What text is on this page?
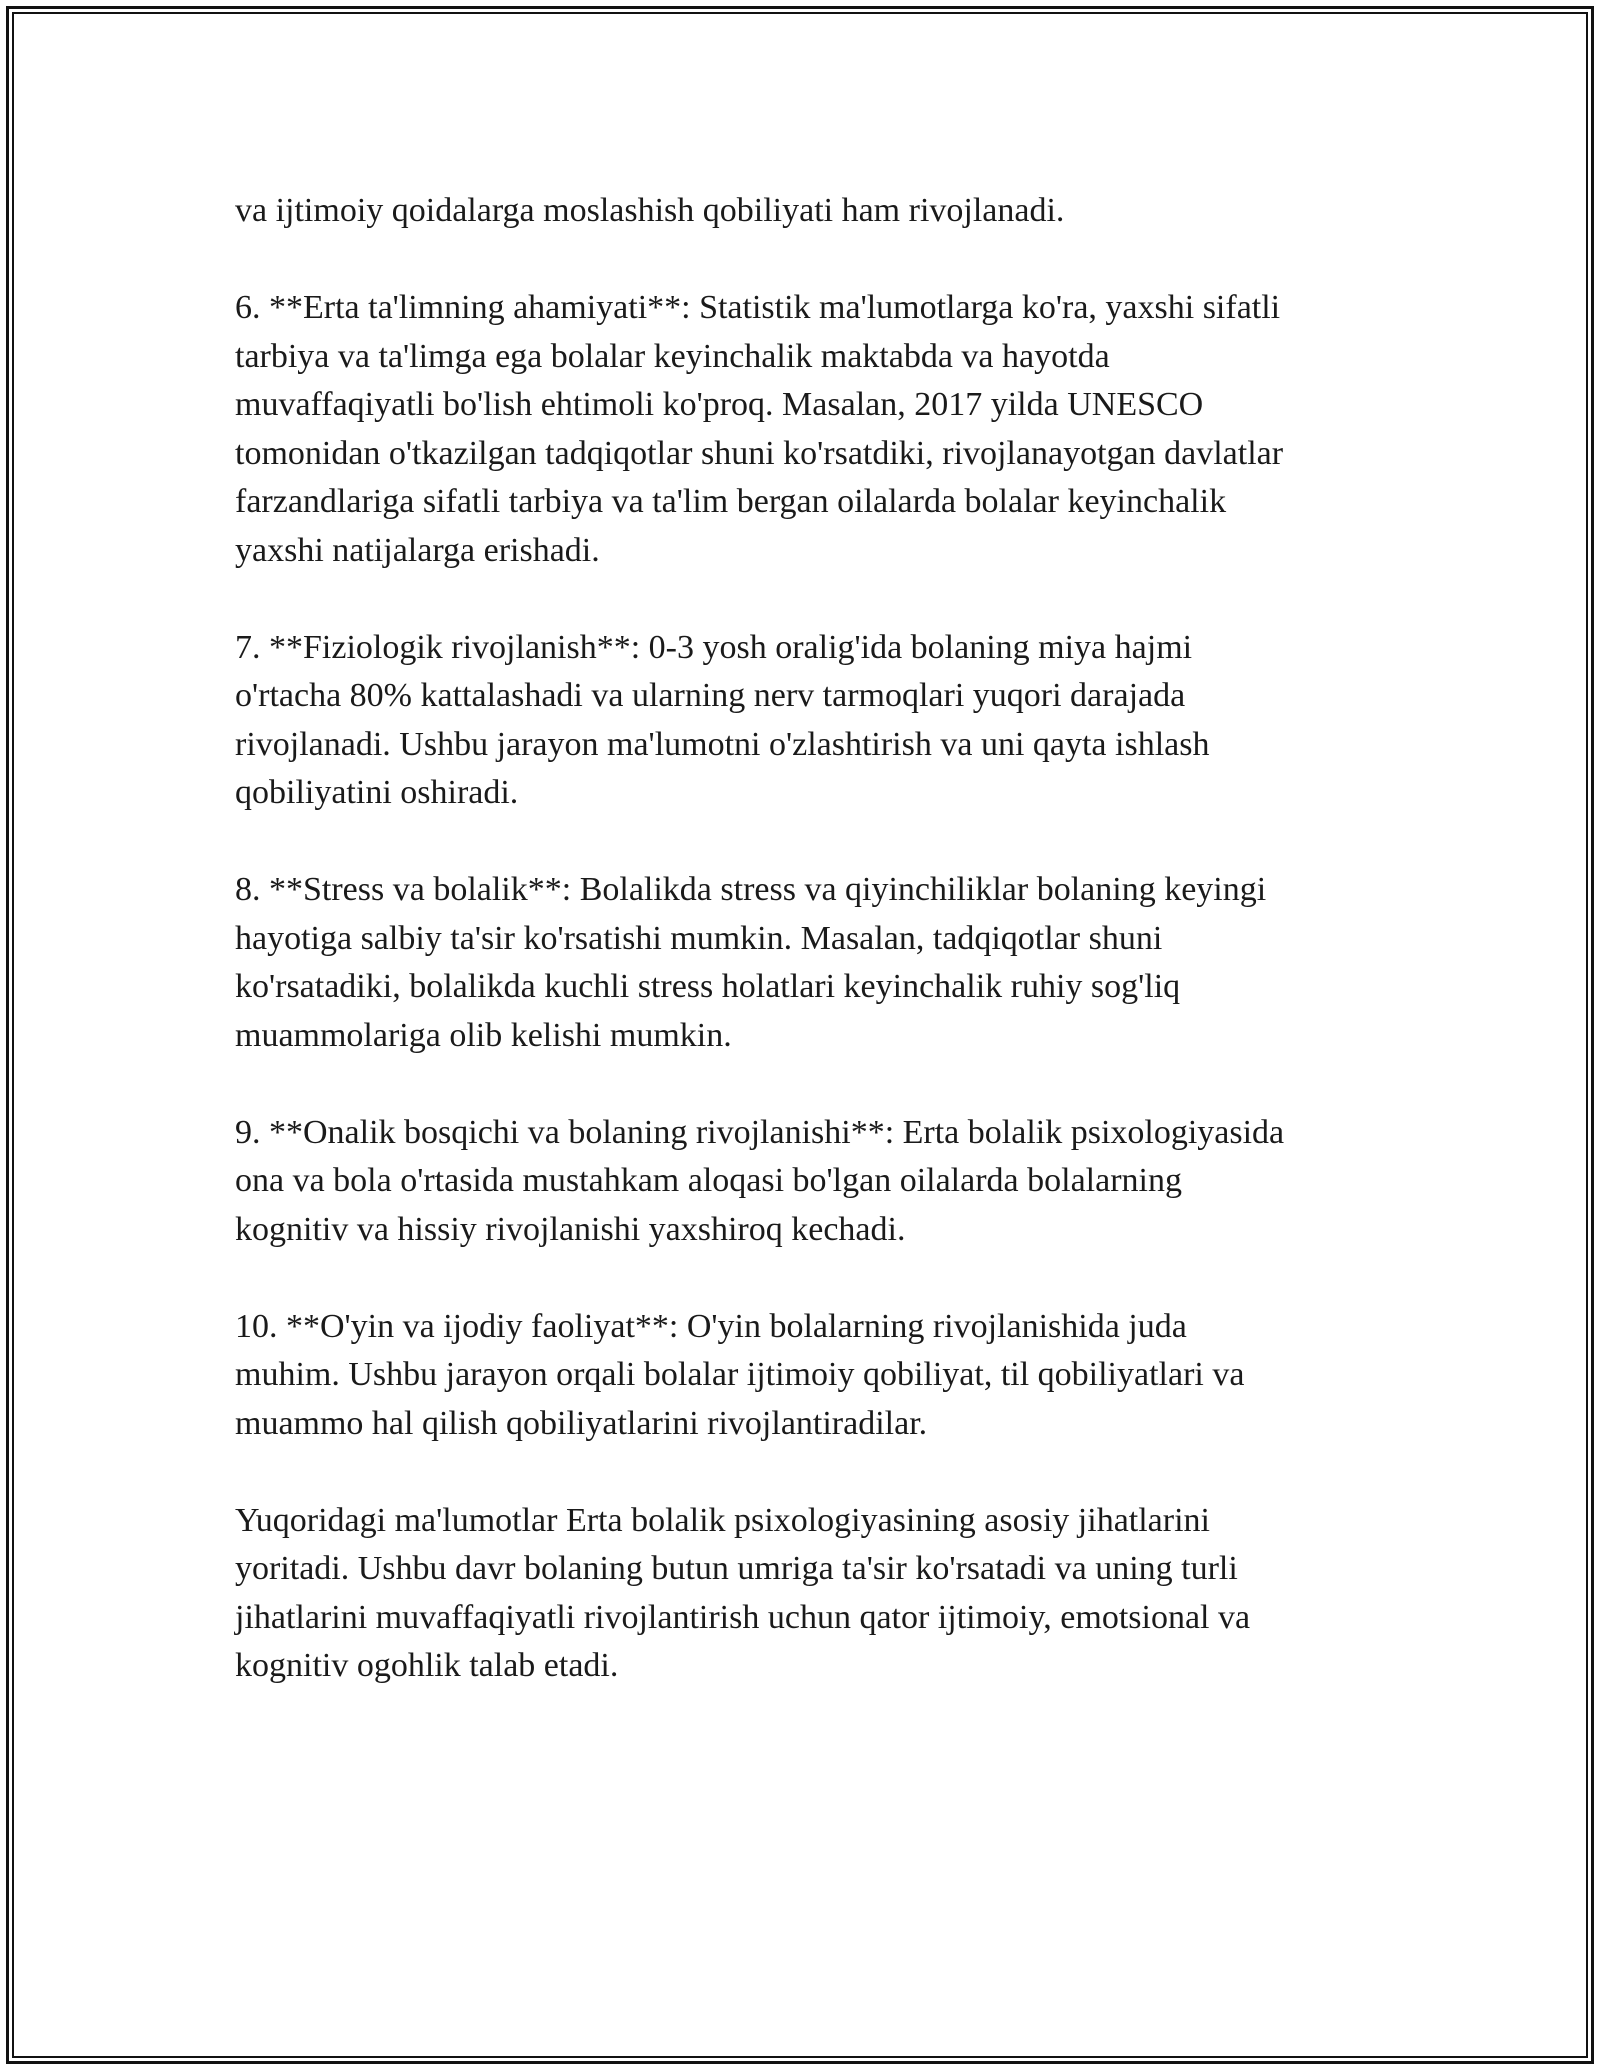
va ijtimoiy qoidalarga moslashish qobiliyati ham rivojlanadi.

6. **Erta ta'limning ahamiyati**: Statistik ma'lumotlarga ko'ra, yaxshi sifatli
tarbiya va ta'limga ega bolalar keyinchalik maktabda va hayotda
muvaffaqiyatli bo'lish ehtimoli ko'proq. Masalan, 2017 yilda UNESCO
tomonidan o'tkazilgan tadqiqotlar shuni ko'rsatdiki, rivojlanayotgan davlatlar
farzandlariga sifatli tarbiya va ta'lim bergan oilalarda bolalar keyinchalik
yaxshi natijalarga erishadi.

7. **Fiziologik rivojlanish**: 0-3 yosh oralig'ida bolaning miya hajmi
o'rtacha 80% kattalashadi va ularning nerv tarmoqlari yuqori darajada
rivojlanadi. Ushbu jarayon ma'lumotni o'zlashtirish va uni qayta ishlash
qobiliyatini oshiradi.

8. **Stress va bolalik**: Bolalikda stress va qiyinchiliklar bolaning keyingi
hayotiga salbiy ta'sir ko'rsatishi mumkin. Masalan, tadqiqotlar shuni
ko'rsatadiki, bolalikda kuchli stress holatlari keyinchalik ruhiy sog'liq
muammolariga olib kelishi mumkin.

9. **Onalik bosqichi va bolaning rivojlanishi**: Erta bolalik psixologiyasida
ona va bola o'rtasida mustahkam aloqasi bo'lgan oilalarda bolalarning
kognitiv va hissiy rivojlanishi yaxshiroq kechadi.

10. **O'yin va ijodiy faoliyat**: O'yin bolalarning rivojlanishida juda
muhim. Ushbu jarayon orqali bolalar ijtimoiy qobiliyat, til qobiliyatlari va
muammo hal qilish qobiliyatlarini rivojlantiradilar.

Yuqoridagi ma'lumotlar Erta bolalik psixologiyasining asosiy jihatlarini
yoritadi. Ushbu davr bolaning butun umriga ta'sir ko'rsatadi va uning turli
jihatlarini muvaffaqiyatli rivojlantirish uchun qator ijtimoiy, emotsional va
kognitiv ogohlik talab etadi.
